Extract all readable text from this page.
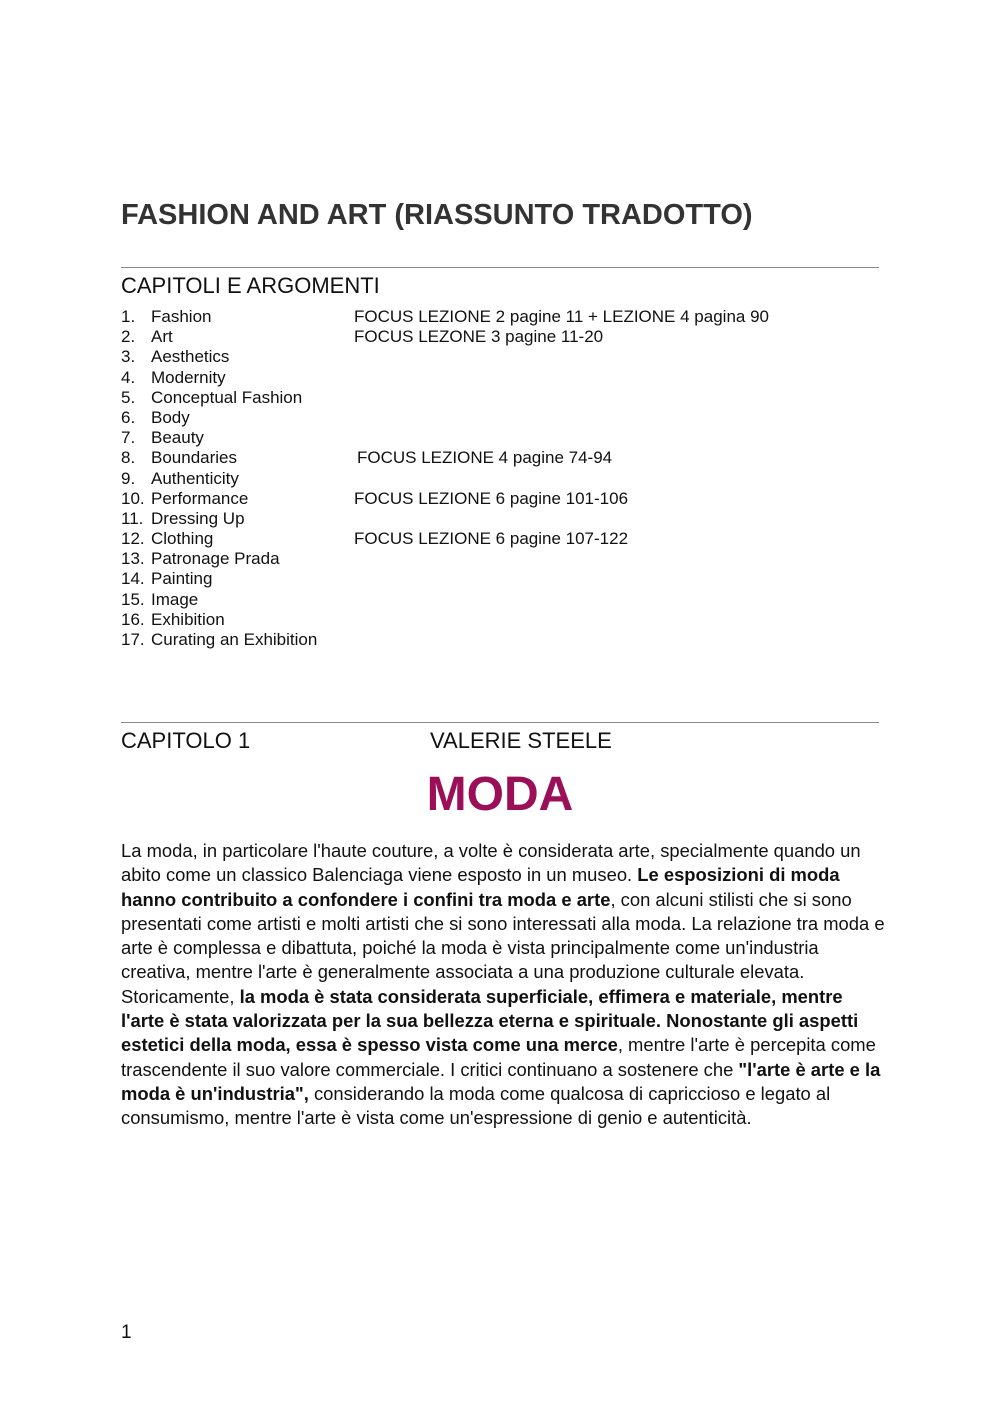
FASHION AND ART (RIASSUNTO TRADOTTO)
CAPITOLI E ARGOMENTI
1. Fashion	FOCUS LEZIONE 2 pagine 11 + LEZIONE 4 pagina 90
2. Art	FOCUS LEZONE 3 pagine 11-20
3. Aesthetics
4. Modernity
5. Conceptual Fashion
6. Body
7. Beauty
8. Boundaries	FOCUS LEZIONE 4 pagine 74-94
9. Authenticity
10. Performance	FOCUS LEZIONE 6 pagine 101-106
11. Dressing Up
12. Clothing	FOCUS LEZIONE 6 pagine 107-122
13. Patronage Prada
14. Painting
15. Image
16. Exhibition
17. Curating an Exhibition
CAPITOLO 1	VALERIE STEELE
MODA

La moda, in particolare l'haute couture, a volte è considerata arte, specialmente quando un abito come un classico Balenciaga viene esposto in un museo. Le esposizioni di moda hanno contribuito a confondere i confini tra moda e arte, con alcuni stilisti che si sono presentati come artisti e molti artisti che si sono interessati alla moda. La relazione tra moda e arte è complessa e dibattuta, poiché la moda è vista principalmente come un'industria creativa, mentre l'arte è generalmente associata a una produzione culturale elevata. Storicamente, la moda è stata considerata superficiale, effimera e materiale, mentre l'arte è stata valorizzata per la sua bellezza eterna e spirituale. Nonostante gli aspetti estetici della moda, essa è spesso vista come una merce, mentre l'arte è percepita come trascendente il suo valore commerciale. I critici continuano a sostenere che "l'arte è arte e la moda è un'industria", considerando la moda come qualcosa di capriccioso e legato al consumismo, mentre l'arte è vista come un'espressione di genio e autenticità.

1
